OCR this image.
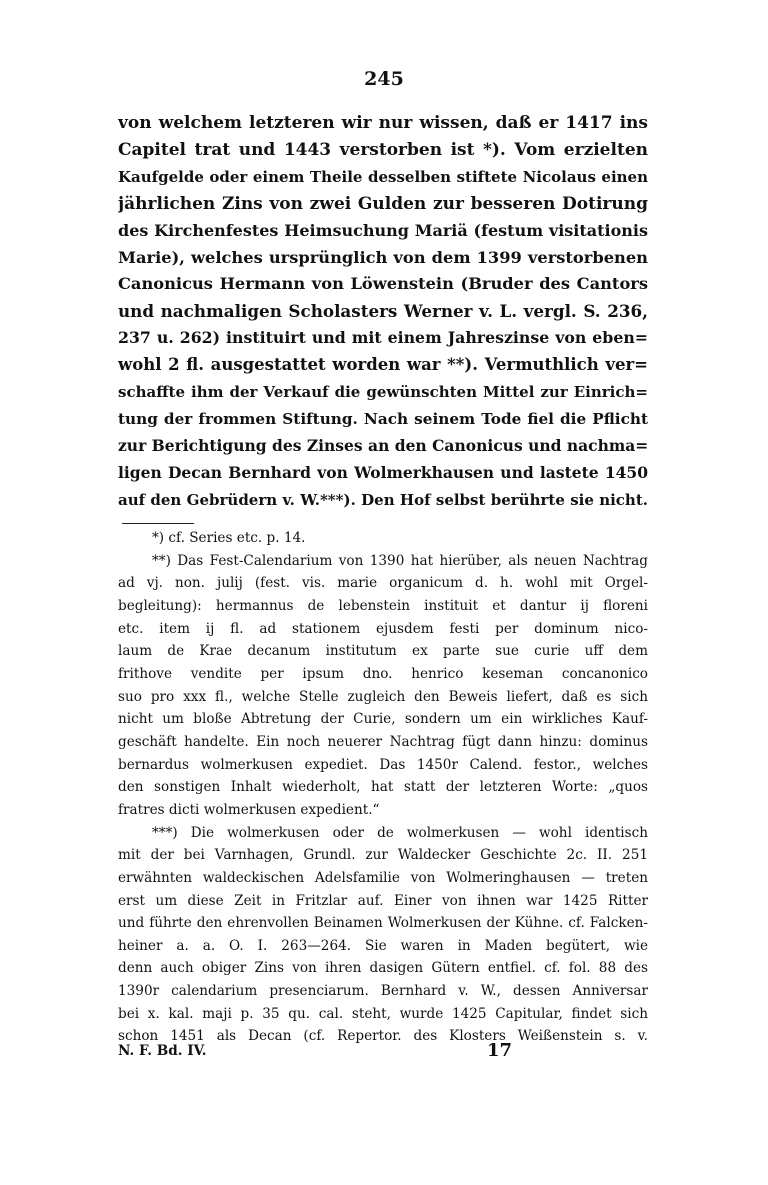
245
von welchem letzteren wir nur wissen, daß er 1417 ins
Capitel trat und 1443 verstorben ist *). Vom erzielten
Kaufgelde oder einem Theile desselben stiftete Nicolaus einen
jährlichen Zins von zwei Gulden zur besseren Dotirung
des Kirchenfestes Heimsuchung Mariä (festum visitationis
Marie), welches ursprünglich von dem 1399 verstorbenen
Canonicus Hermann von Löwenstein (Bruder des Cantors
und nachmaligen Scholasters Werner v. L. vergl. S. 236,
237 u. 262) instituirt und mit einem Jahreszinse von eben=
wohl 2 fl. ausgestattet worden war **). Vermuthlich ver=
schaffte ihm der Verkauf die gewünschten Mittel zur Einrich=
tung der frommen Stiftung. Nach seinem Tode fiel die Pflicht
zur Berichtigung des Zinses an den Canonicus und nachma=
ligen Decan Bernhard von Wolmerkhausen und lastete 1450
auf den Gebrüdern v. W.***). Den Hof selbst berührte sie nicht.
*) cf. Series etc. p. 14.
**) Das Fest-Calendarium von 1390 hat hierüber, als neuen Nachtrag
ad vj. non. julij (fest. vis. marie organicum d. h. wohl mit Orgel-
begleitung): hermannus de lebenstein instituit et dantur ij floreni
etc. item ij fl. ad stationem ejusdem festi per dominum nico-
laum de Krae decanum institutum ex parte sue curie uff dem
frithove vendite per ipsum dno. henrico keseman concanonico
suo pro xxx fl., welche Stelle zugleich den Beweis liefert, daß es sich
nicht um bloße Abtretung der Curie, sondern um ein wirkliches Kauf-
geschäft handelte. Ein noch neuerer Nachtrag fügt dann hinzu: dominus
bernardus wolmerkusen expediet. Das 1450r Calend. festor., welches
den sonstigen Inhalt wiederholt, hat statt der letzteren Worte: „quos
fratres dicti wolmerkusen expedient.“
***) Die wolmerkusen oder de wolmerkusen — wohl identisch
mit der bei Varnhagen, Grundl. zur Waldecker Geschichte 2c. II. 251
erwähnten waldeckischen Adelsfamilie von Wolmeringhausen — treten
erst um diese Zeit in Fritzlar auf. Einer von ihnen war 1425 Ritter
und führte den ehrenvollen Beinamen Wolmerkusen der Kühne. cf. Falcken-
heiner a. a. O. I. 263—264. Sie waren in Maden begütert, wie
denn auch obiger Zins von ihren dasigen Gütern entfiel. cf. fol. 88 des
1390r calendarium presenciarum. Bernhard v. W., dessen Anniversar
bei x. kal. maji p. 35 qu. cal. steht, wurde 1425 Capitular, findet sich
schon 1451 als Decan (cf. Repertor. des Klosters Weißenstein s. v.
N. F. Bd. IV.	17
